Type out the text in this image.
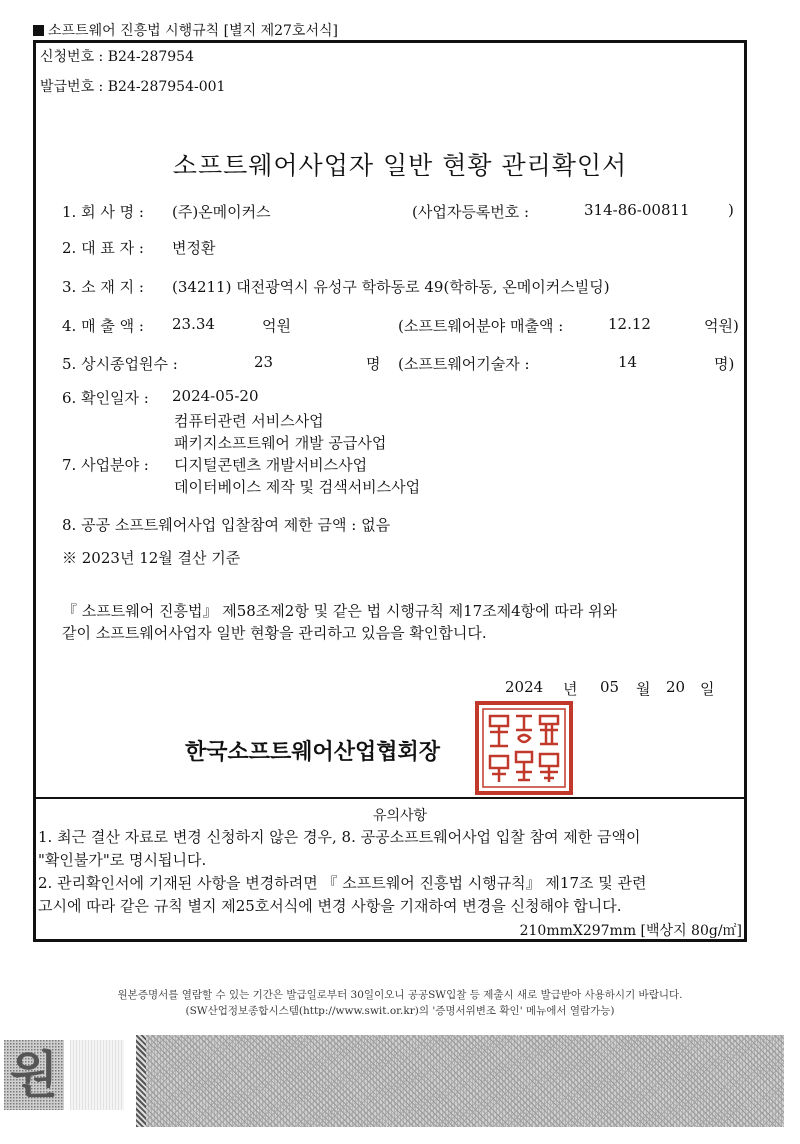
소프트웨어 진흥법 시행규칙 [별지 제27호서식]
신청번호 : B24-287954
발급번호 : B24-287954-001
소프트웨어사업자 일반 현황 관리확인서
1. 회 사 명 : (주)온메이커스	(사업자등록번호 :	314-86-00811	)
2. 대 표 자 : 변정환
3. 소 재 지 : (34211) 대전광역시 유성구 학하동로 49(학하동, 온메이커스빌딩)
4. 매 출 액 : 23.34	억원	(소프트웨어분야 매출액 :	12.12	억원)
5. 상시종업원수 :	23	명 (소프트웨어기술자 :	14	명)
6. 확인일자 : 2024-05-20
컴퓨터관련 서비스사업
패키지소프트웨어 개발 공급사업
7. 사업분야 : 디지털콘텐츠 개발서비스사업
데이터베이스 제작 및 검색서비스사업
8. 공공 소프트웨어사업 입찰참여 제한 금액 : 없음
※ 2023년 12월 결산 기준
『 소프트웨어 진흥법』 제58조제2항 및 같은 법 시행규칙 제17조제4항에 따라 위와
같이 소프트웨어사업자 일반 현황을 관리하고 있음을 확인합니다.
2024 년 05 월 20 일
한국소프트웨어산업협회장
유의사항
1. 최근 결산 자료로 변경 신청하지 않은 경우, 8. 공공소프트웨어사업 입찰 참여 제한 금액이
"확인불가"로 명시됩니다.
2. 관리확인서에 기재된 사항을 변경하려면 『 소프트웨어 진흥법 시행규칙』 제17조 및 관련
고시에 따라 같은 규칙 별지 제25호서식에 변경 사항을 기재하여 변경을 신청해야 합니다.
210mmX297mm [백상지 80g/㎡]
원본증명서를 열람할 수 있는 기간은 발급일로부터 30일이오니 공공SW입찰 등 제출시 새로 발급받아 사용하시기 바랍니다.
(SW산업정보종합시스템(http://www.swit.or.kr)의 '증명서위변조 확인' 메뉴에서 열람가능)
원
